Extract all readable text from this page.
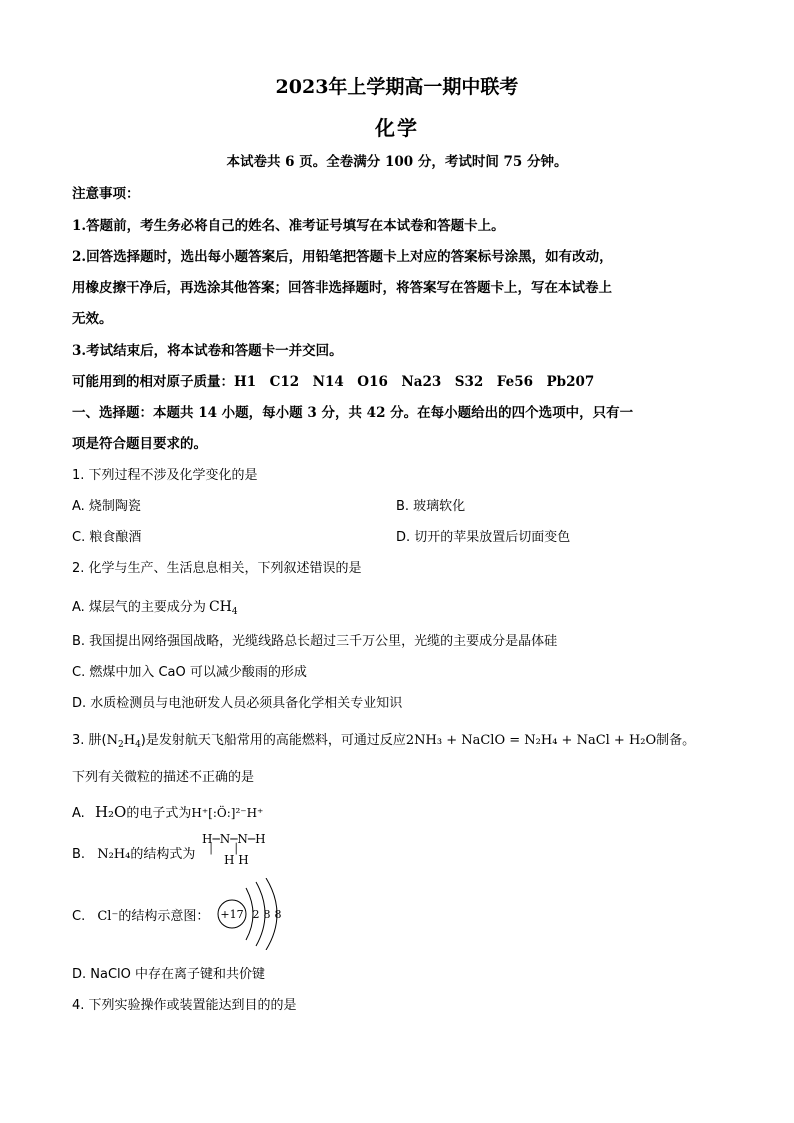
2023年上学期高一期中联考
化学
本试卷共 6 页。全卷满分 100 分，考试时间 75 分钟。
注意事项：
1.答题前，考生务必将自己的姓名、准考证号填写在本试卷和答题卡上。
2.回答选择题时，选出每小题答案后，用铅笔把答题卡上对应的答案标号涂黑，如有改动，
用橡皮擦干净后，再选涂其他答案；回答非选择题时，将答案写在答题卡上，写在本试卷上
无效。
3.考试结束后，将本试卷和答题卡一并交回。
可能用到的相对原子质量：H1　C12　N14　O16　Na23　S32　Fe56　Pb207
一、选择题：本题共 14 小题，每小题 3 分，共 42 分。在每小题给出的四个选项中，只有一
项是符合题目要求的。
1. 下列过程不涉及化学变化的是
A. 烧制陶瓷	B. 玻璃软化
C. 粮食酿酒	D. 切开的苹果放置后切面变色
2. 化学与生产、生活息息相关，下列叙述错误的是
A. 煤层气的主要成分为 $CH_4$
B. 我国提出网络强国战略，光缆线路总长超过三千万公里，光缆的主要成分是晶体硅
C. 燃煤中加入 CaO 可以减少酸雨的形成
D. 水质检测员与电池研发人员必须具备化学相关专业知识
3. 肼$(N_2H_4)$是发射航天飞船常用的高能燃料，可通过反应2NH₃ + NaClO = N₂H₄ + NaCl + H₂O制备。
下列有关微粒的描述不正确的是
A. H₂O的电子式为H⁺[:Ö:]²⁻H⁺
B. N₂H₄的结构式为
H─N─N─H
│      │
H H
C. Cl⁻的结构示意图： +17 2 8 8
D. NaClO 中存在离子键和共价键
4. 下列实验操作或装置能达到目的的是
